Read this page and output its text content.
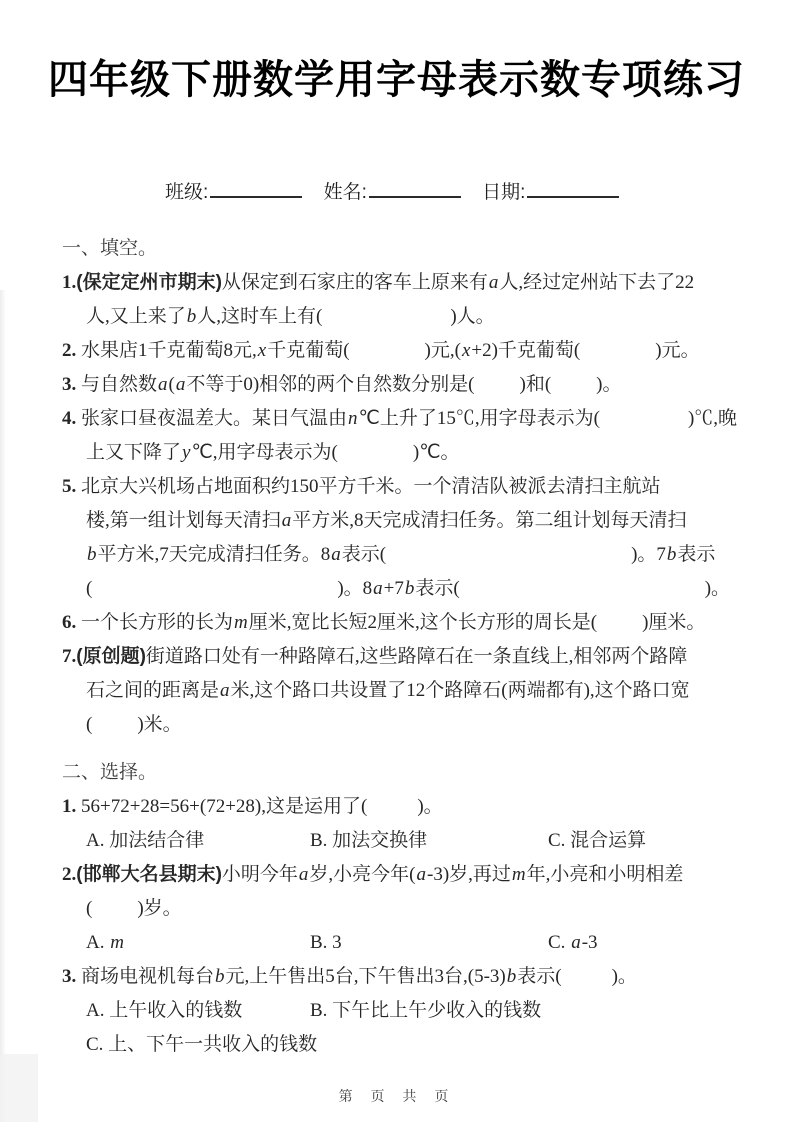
四年级下册数学用字母表示数专项练习
班级:	姓名:	日期:
一、填空。
1.(保定定州市期末)从保定到石家庄的客车上原来有a人,经过定州站下去了22
人,又上来了b人,这时车上有(	)人。
2. 水果店1千克葡萄8元,x千克葡萄(	)元,(x+2)千克葡萄(	)元。
3. 与自然数a(a不等于0)相邻的两个自然数分别是( )和( )。
4. 张家口昼夜温差大。某日气温由n℃上升了15℃,用字母表示为(	)℃,晚
上又下降了y℃,用字母表示为(	)℃。
5. 北京大兴机场占地面积约150平方千米。一个清洁队被派去清扫主航站
楼,第一组计划每天清扫a平方米,8天完成清扫任务。第二组计划每天清扫
b平方米,7天完成清扫任务。8a表示(	)。7b表示
(	)。8a+7b表示(	)。
6. 一个长方形的长为m厘米,宽比长短2厘米,这个长方形的周长是( )厘米。
7.(原创题)街道路口处有一种路障石,这些路障石在一条直线上,相邻两个路障
石之间的距离是a米,这个路口共设置了12个路障石(两端都有),这个路口宽
( )米。
二、选择。
1. 56+72+28=56+(72+28),这是运用了(	)。
A. 加法结合律	B. 加法交换律	C. 混合运算
2.(邯郸大名县期末)小明今年a岁,小亮今年(a-3)岁,再过m年,小亮和小明相差
( )岁。
A. m	B. 3	C. a-3
3. 商场电视机每台b元,上午售出5台,下午售出3台,(5-3)b表示(	)。
A. 上午收入的钱数	B. 下午比上午少收入的钱数
C. 上、下午一共收入的钱数
第 页 共 页
